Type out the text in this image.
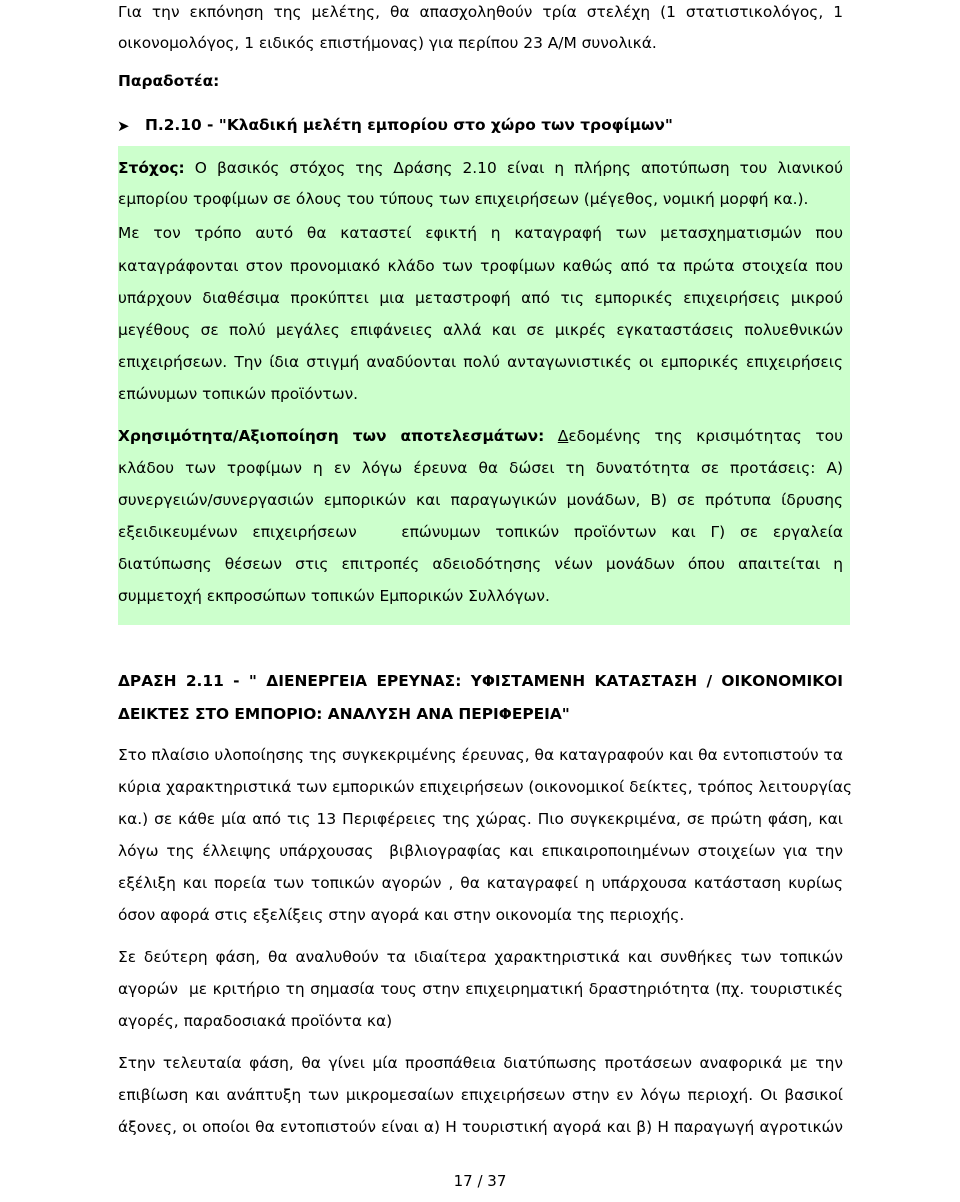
Για την εκπόνηση της μελέτης, θα απασχοληθούν τρία στελέχη (1 στατιστικολόγος, 1
οικονομολόγος, 1 ειδικός επιστήμονας) για περίπου 23 Α/Μ συνολικά.
Παραδοτέα:
➤ Π.2.10 - "Κλαδική μελέτη εμπορίου στο χώρο των τροφίμων"
Στόχος: Ο βασικός στόχος της Δράσης 2.10 είναι η πλήρης αποτύπωση του λιανικού
εμπορίου τροφίμων σε όλους του τύπους των επιχειρήσεων (μέγεθος, νομική μορφή κα.).
Με τον τρόπο αυτό θα καταστεί εφικτή η καταγραφή των μετασχηματισμών που
καταγράφονται στον προνομιακό κλάδο των τροφίμων καθώς από τα πρώτα στοιχεία που
υπάρχουν διαθέσιμα προκύπτει μια μεταστροφή από τις εμπορικές επιχειρήσεις μικρού
μεγέθους σε πολύ μεγάλες επιφάνειες αλλά και σε μικρές εγκαταστάσεις πολυεθνικών
επιχειρήσεων. Την ίδια στιγμή αναδύονται πολύ ανταγωνιστικές οι εμπορικές επιχειρήσεις
επώνυμων τοπικών προϊόντων.
Χρησιμότητα/Αξιοποίηση των αποτελεσμάτων: Δεδομένης της κρισιμότητας του
κλάδου των τροφίμων η εν λόγω έρευνα θα δώσει τη δυνατότητα σε προτάσεις: Α)
συνεργειών/συνεργασιών εμπορικών και παραγωγικών μονάδων, Β) σε πρότυπα ίδρυσης
εξειδικευμένων επιχειρήσεων   επώνυμων τοπικών προϊόντων και Γ) σε εργαλεία
διατύπωσης θέσεων στις επιτροπές αδειοδότησης νέων μονάδων όπου απαιτείται η
συμμετοχή εκπροσώπων τοπικών Εμπορικών Συλλόγων.
ΔΡΑΣΗ 2.11 - " ΔΙΕΝΕΡΓΕΙΑ ΕΡΕΥΝΑΣ: ΥΦΙΣΤΑΜΕΝΗ ΚΑΤΑΣΤΑΣΗ / ΟΙΚΟΝΟΜΙΚΟΙ
ΔΕΙΚΤΕΣ ΣΤΟ ΕΜΠΟΡΙΟ: ΑΝΑΛΥΣΗ ΑΝΑ ΠΕΡΙΦΕΡΕΙΑ"
Στο πλαίσιο υλοποίησης της συγκεκριμένης έρευνας, θα καταγραφούν και θα εντοπιστούν τα
κύρια χαρακτηριστικά των εμπορικών επιχειρήσεων (οικονομικοί δείκτες, τρόπος λειτουργίας
κα.) σε κάθε μία από τις 13 Περιφέρειες της χώρας. Πιο συγκεκριμένα, σε πρώτη φάση, και
λόγω της έλλειψης υπάρχουσας  βιβλιογραφίας και επικαιροποιημένων στοιχείων για την
εξέλιξη και πορεία των τοπικών αγορών , θα καταγραφεί η υπάρχουσα κατάσταση κυρίως
όσον αφορά στις εξελίξεις στην αγορά και στην οικονομία της περιοχής.
Σε δεύτερη φάση, θα αναλυθούν τα ιδιαίτερα χαρακτηριστικά και συνθήκες των τοπικών
αγορών  με κριτήριο τη σημασία τους στην επιχειρηματική δραστηριότητα (πχ. τουριστικές
αγορές, παραδοσιακά προϊόντα κα)
Στην τελευταία φάση, θα γίνει μία προσπάθεια διατύπωσης προτάσεων αναφορικά με την
επιβίωση και ανάπτυξη των μικρομεσαίων επιχειρήσεων στην εν λόγω περιοχή. Οι βασικοί
άξονες, οι οποίοι θα εντοπιστούν είναι α) Η τουριστική αγορά και β) Η παραγωγή αγροτικών
17 / 37
